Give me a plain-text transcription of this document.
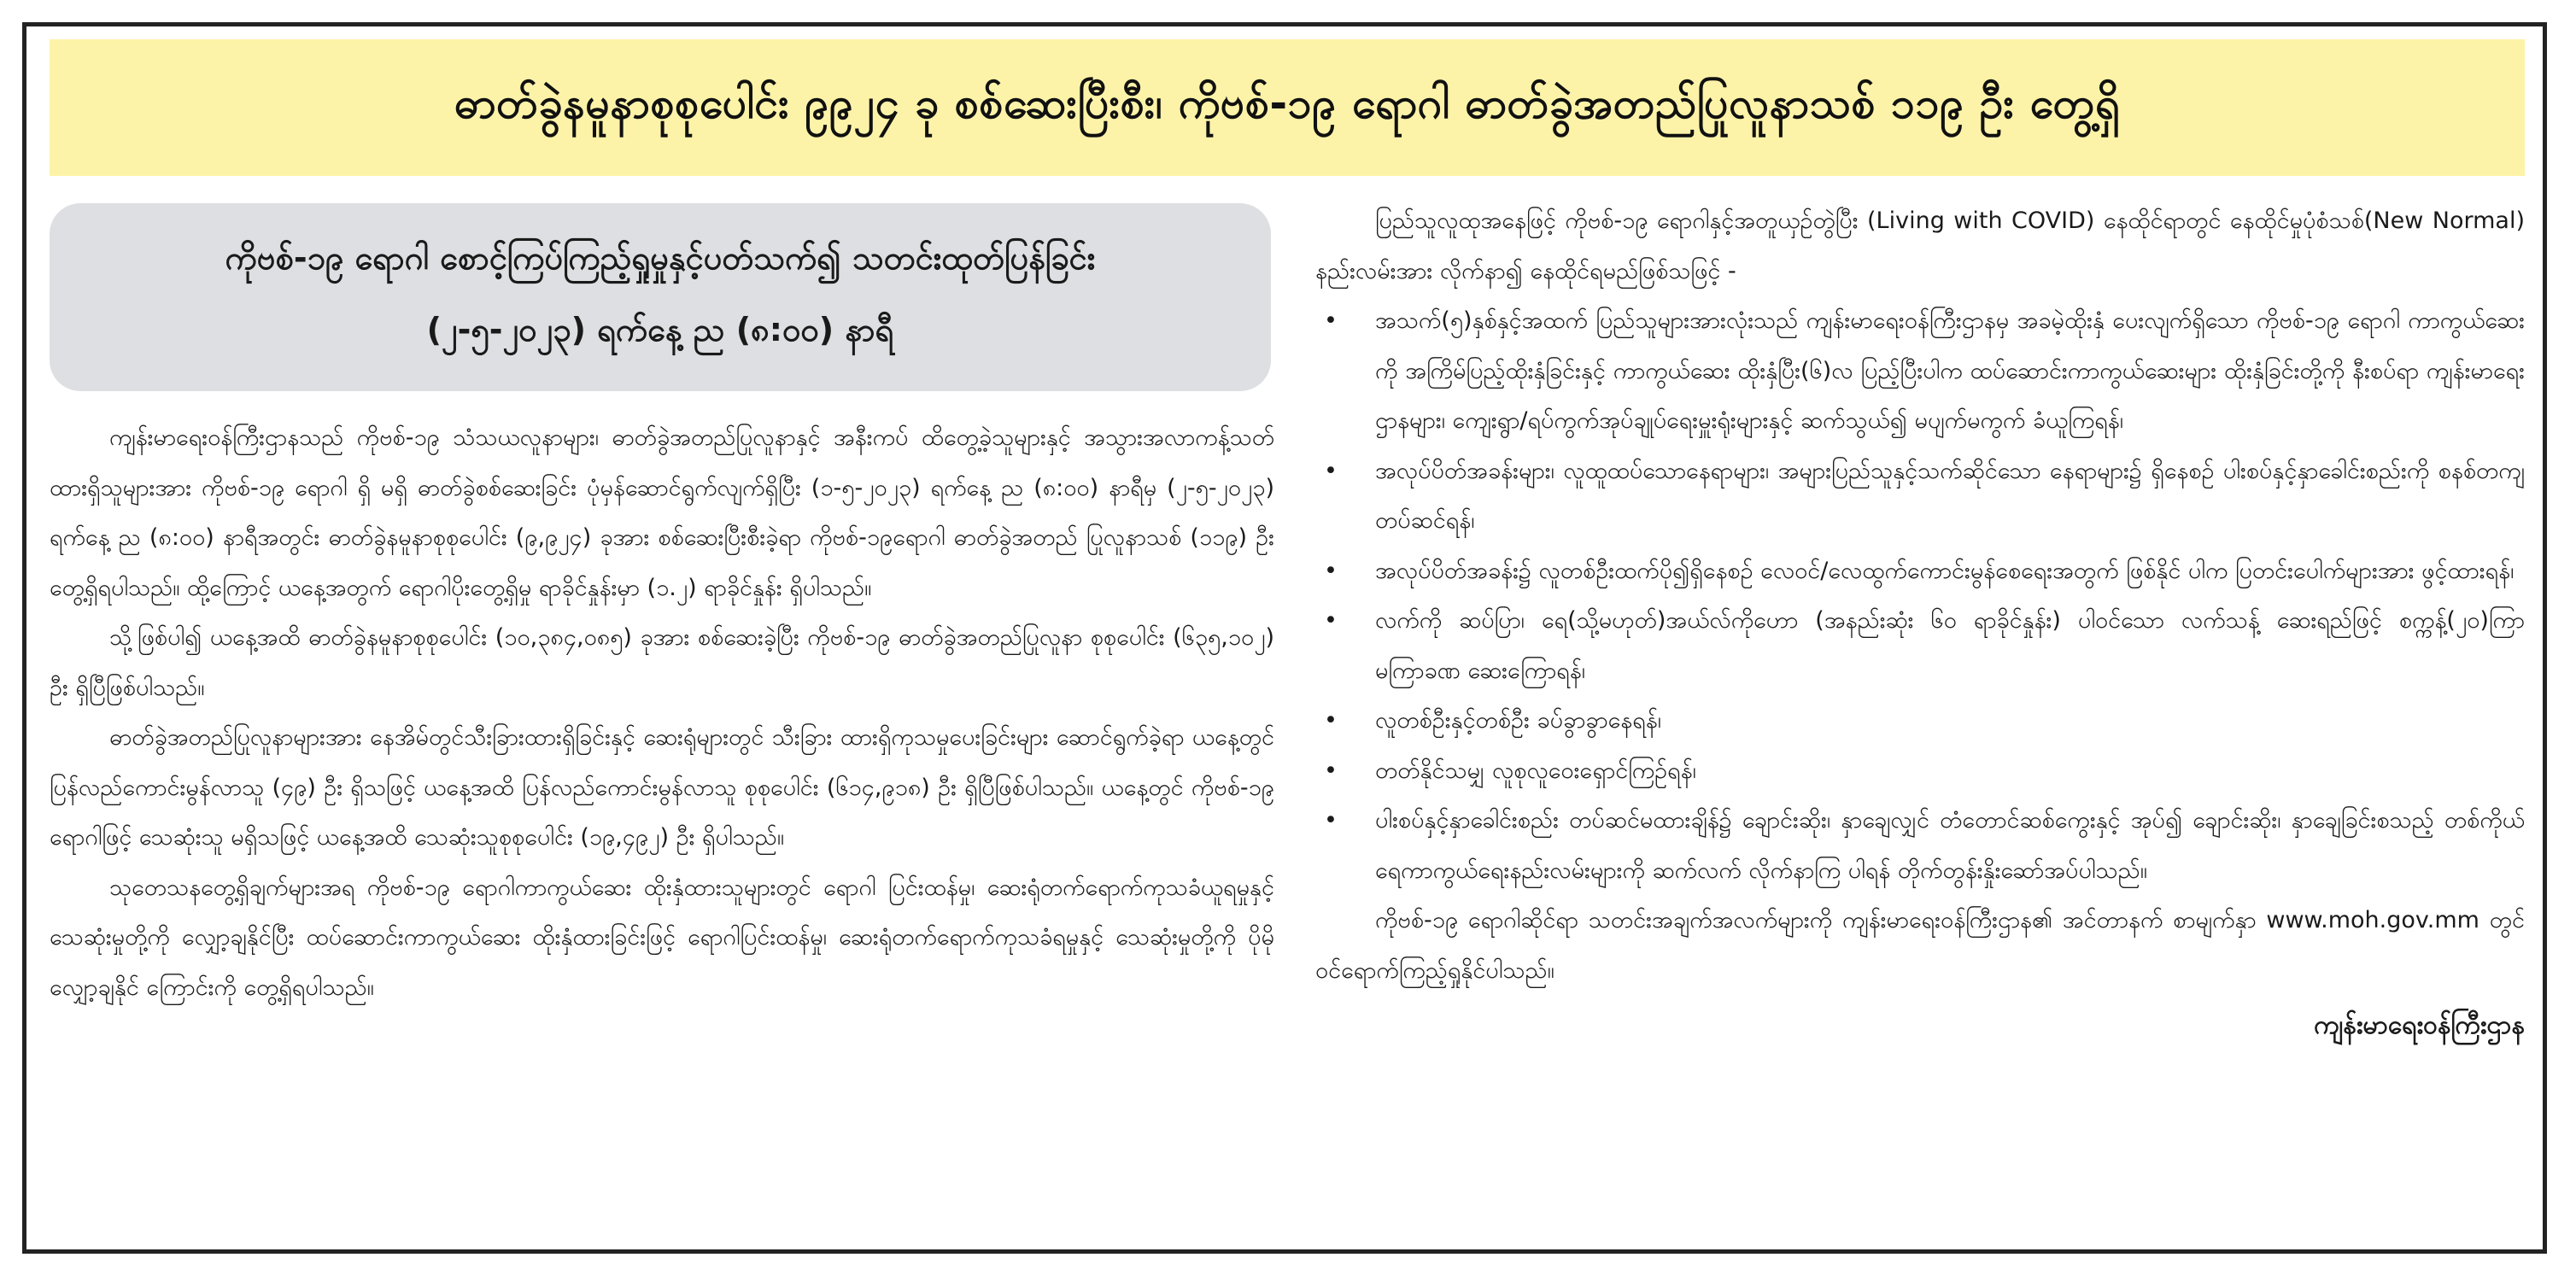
ဓာတ်ခွဲနမူနာစုစုပေါင်း ၉၉၂၄ ခု စစ်ဆေးပြီးစီး၊ ကိုဗစ်-၁၉ ရောဂါ ဓာတ်ခွဲအတည်ပြုလူနာသစ် ၁၁၉ ဦး တွေ့ရှိ
ကိုဗစ်-၁၉ ရောဂါ စောင့်ကြပ်ကြည့်ရှုမှုနှင့်ပတ်သက်၍ သတင်းထုတ်ပြန်ခြင်း
(၂-၅-၂၀၂၃) ရက်နေ့ ည (၈:၀၀) နာရီ

ကျန်းမာရေးဝန်ကြီးဌာနသည် ကိုဗစ်-၁၉ သံသယလူနာများ၊ ဓာတ်ခွဲအတည်ပြုလူနာနှင့် အနီးကပ် ထိတွေ့ခဲ့သူများနှင့် အသွားအလာကန့်သတ်ထားရှိသူများအား ကိုဗစ်-၁၉ ရောဂါ ရှိ မရှိ ဓာတ်ခွဲစစ်ဆေးခြင်း ပုံမှန်ဆောင်ရွက်လျက်ရှိပြီး (၁-၅-၂၀၂၃) ရက်နေ့ ည (၈:၀၀) နာရီမှ (၂-၅-၂၀၂၃) ရက်နေ့ ည (၈:၀၀) နာရီအတွင်း ဓာတ်ခွဲနမူနာစုစုပေါင်း (၉,၉၂၄) ခုအား စစ်ဆေးပြီးစီးခဲ့ရာ ကိုဗစ်-၁၉ရောဂါ ဓာတ်ခွဲအတည် ပြုလူနာသစ် (၁၁၉) ဦး တွေ့ရှိရပါသည်။ ထို့ကြောင့် ယနေ့အတွက် ရောဂါပိုးတွေ့ရှိမှု ရာခိုင်နှုန်းမှာ (၁.၂) ရာခိုင်နှုန်း ရှိပါသည်။

သို့ဖြစ်ပါ၍ ယနေ့အထိ ဓာတ်ခွဲနမူနာစုစုပေါင်း (၁၀,၃၈၄,၀၈၅) ခုအား စစ်ဆေးခဲ့ပြီး ကိုဗစ်-၁၉ ဓာတ်ခွဲအတည်ပြုလူနာ စုစုပေါင်း (၆၃၅,၁၀၂) ဦး ရှိပြီဖြစ်ပါသည်။

ဓာတ်ခွဲအတည်ပြုလူနာများအား နေအိမ်တွင်သီးခြားထားရှိခြင်းနှင့် ဆေးရုံများတွင် သီးခြား ထားရှိကုသမှုပေးခြင်းများ ဆောင်ရွက်ခဲ့ရာ ယနေ့တွင် ပြန်လည်ကောင်းမွန်လာသူ (၄၉) ဦး ရှိသဖြင့် ယနေ့အထိ ပြန်လည်ကောင်းမွန်လာသူ စုစုပေါင်း (၆၁၄,၉၁၈) ဦး ရှိပြီဖြစ်ပါသည်။ ယနေ့တွင် ကိုဗစ်-၁၉ ရောဂါဖြင့် သေဆုံးသူ မရှိသဖြင့် ယနေ့အထိ သေဆုံးသူစုစုပေါင်း (၁၉,၄၉၂) ဦး ရှိပါသည်။

သုတေသနတွေ့ရှိချက်များအရ ကိုဗစ်-၁၉ ရောဂါကာကွယ်ဆေး ထိုးနှံထားသူများတွင် ရောဂါ ပြင်းထန်မှု၊ ဆေးရုံတက်ရောက်ကုသခံယူရမှုနှင့် သေဆုံးမှုတို့ကို လျှော့ချနိုင်ပြီး ထပ်ဆောင်းကာကွယ်ဆေး ထိုးနှံထားခြင်းဖြင့် ရောဂါပြင်းထန်မှု၊ ဆေးရုံတက်ရောက်ကုသခံရမှုနှင့် သေဆုံးမှုတို့ကို ပိုမိုလျှော့ချနိုင် ကြောင်းကို တွေ့ရှိရပါသည်။

ပြည်သူလူထုအနေဖြင့် ကိုဗစ်-၁၉ ရောဂါနှင့်အတူယှဉ်တွဲပြီး (Living with COVID) နေထိုင်ရာတွင် နေထိုင်မှုပုံစံသစ်(New Normal) နည်းလမ်းအား လိုက်နာ၍ နေထိုင်ရမည်ဖြစ်သဖြင့် -

• အသက်(၅)နှစ်နှင့်အထက် ပြည်သူများအားလုံးသည် ကျန်းမာရေးဝန်ကြီးဌာနမှ အခမဲ့ထိုးနှံ ပေးလျက်ရှိသော ကိုဗစ်-၁၉ ရောဂါ ကာကွယ်ဆေးကို အကြိမ်ပြည့်ထိုးနှံခြင်းနှင့် ကာကွယ်ဆေး ထိုးနှံပြီး(၆)လ ပြည့်ပြီးပါက ထပ်ဆောင်းကာကွယ်ဆေးများ ထိုးနှံခြင်းတို့ကို နီးစပ်ရာ ကျန်းမာရေး ဌာနများ၊ ကျေးရွာ/ရပ်ကွက်အုပ်ချုပ်ရေးမှူးရုံးများနှင့် ဆက်သွယ်၍ မပျက်မကွက် ခံယူကြရန်၊
• အလုပ်ပိတ်အခန်းများ၊ လူထူထပ်သောနေရာများ၊ အများပြည်သူနှင့်သက်ဆိုင်သော နေရာများ၌ ရှိနေစဉ် ပါးစပ်နှင့်နှာခေါင်းစည်းကို စနစ်တကျတပ်ဆင်ရန်၊
• အလုပ်ပိတ်အခန်း၌ လူတစ်ဦးထက်ပို၍ရှိနေစဉ် လေဝင်/လေထွက်ကောင်းမွန်စေရေးအတွက် ဖြစ်နိုင် ပါက ပြတင်းပေါက်များအား ဖွင့်ထားရန်၊
• လက်ကို ဆပ်ပြာ၊ ရေ(သို့မဟုတ်)အယ်လ်ကိုဟော (အနည်းဆုံး ၆၀ ရာခိုင်နှုန်း) ပါဝင်သော လက်သန့် ဆေးရည်ဖြင့် စက္ကန့်(၂၀)ကြာ မကြာခဏ ဆေးကြောရန်၊
• လူတစ်ဦးနှင့်တစ်ဦး ခပ်ခွာခွာနေရန်၊
• တတ်နိုင်သမျှ လူစုလူဝေးရှောင်ကြဉ်ရန်၊
• ပါးစပ်နှင့်နှာခေါင်းစည်း တပ်ဆင်မထားချိန်၌ ချောင်းဆိုး၊ နှာချေလျှင် တံတောင်ဆစ်ကွေးနှင့် အုပ်၍ ချောင်းဆိုး၊ နှာချေခြင်းစသည့် တစ်ကိုယ်ရေကာကွယ်ရေးနည်းလမ်းများကို ဆက်လက် လိုက်နာကြ ပါရန် တိုက်တွန်းနှိုးဆော်အပ်ပါသည်။

ကိုဗစ်-၁၉ ရောဂါဆိုင်ရာ သတင်းအချက်အလက်များကို ကျန်းမာရေးဝန်ကြီးဌာန၏ အင်တာနက် စာမျက်နှာ www.moh.gov.mm တွင် ဝင်ရောက်ကြည့်ရှုနိုင်ပါသည်။

ကျန်းမာရေးဝန်ကြီးဌာန
